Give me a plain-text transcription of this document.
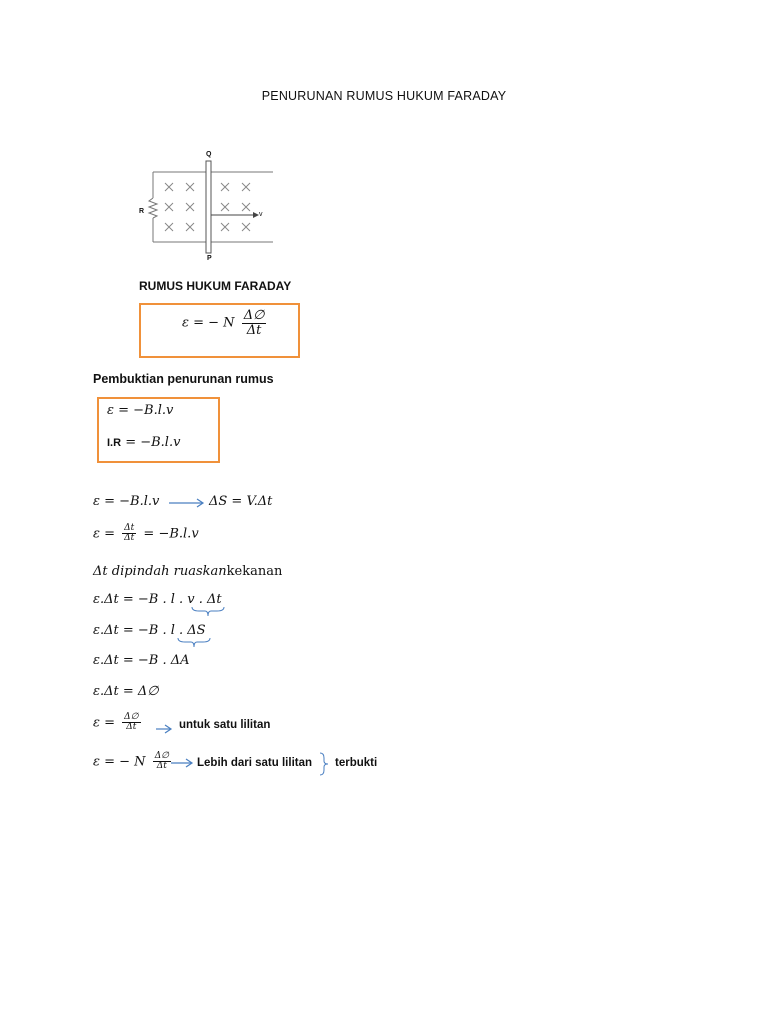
PENURUNAN RUMUS HUKUM FARADAY
Q
P
R	v
RUMUS HUKUM FARADAY
ε = − N $\frac{\Delta\emptyset}{\Delta t}$
Pembuktian penurunan rumus
ε = −B.l.v
I.R = −B.l.v
ε = −B.l.v	ΔS = V.Δt
$\varepsilon = \frac{\Delta t}{\Delta t} = -B.l.v$
Δt dipindah ruaskankekanan
ε.Δt = −B . l . v . Δt
ε.Δt = −B . l . ΔS
ε.Δt = −B . ΔA
ε.Δt = Δ∅
$\varepsilon = \frac{\Delta\emptyset}{\Delta t}$	untuk satu lilitan
ε = − N $\frac{\Delta\emptyset}{\Delta t}$ Lebih dari satu lilitan terbukti
